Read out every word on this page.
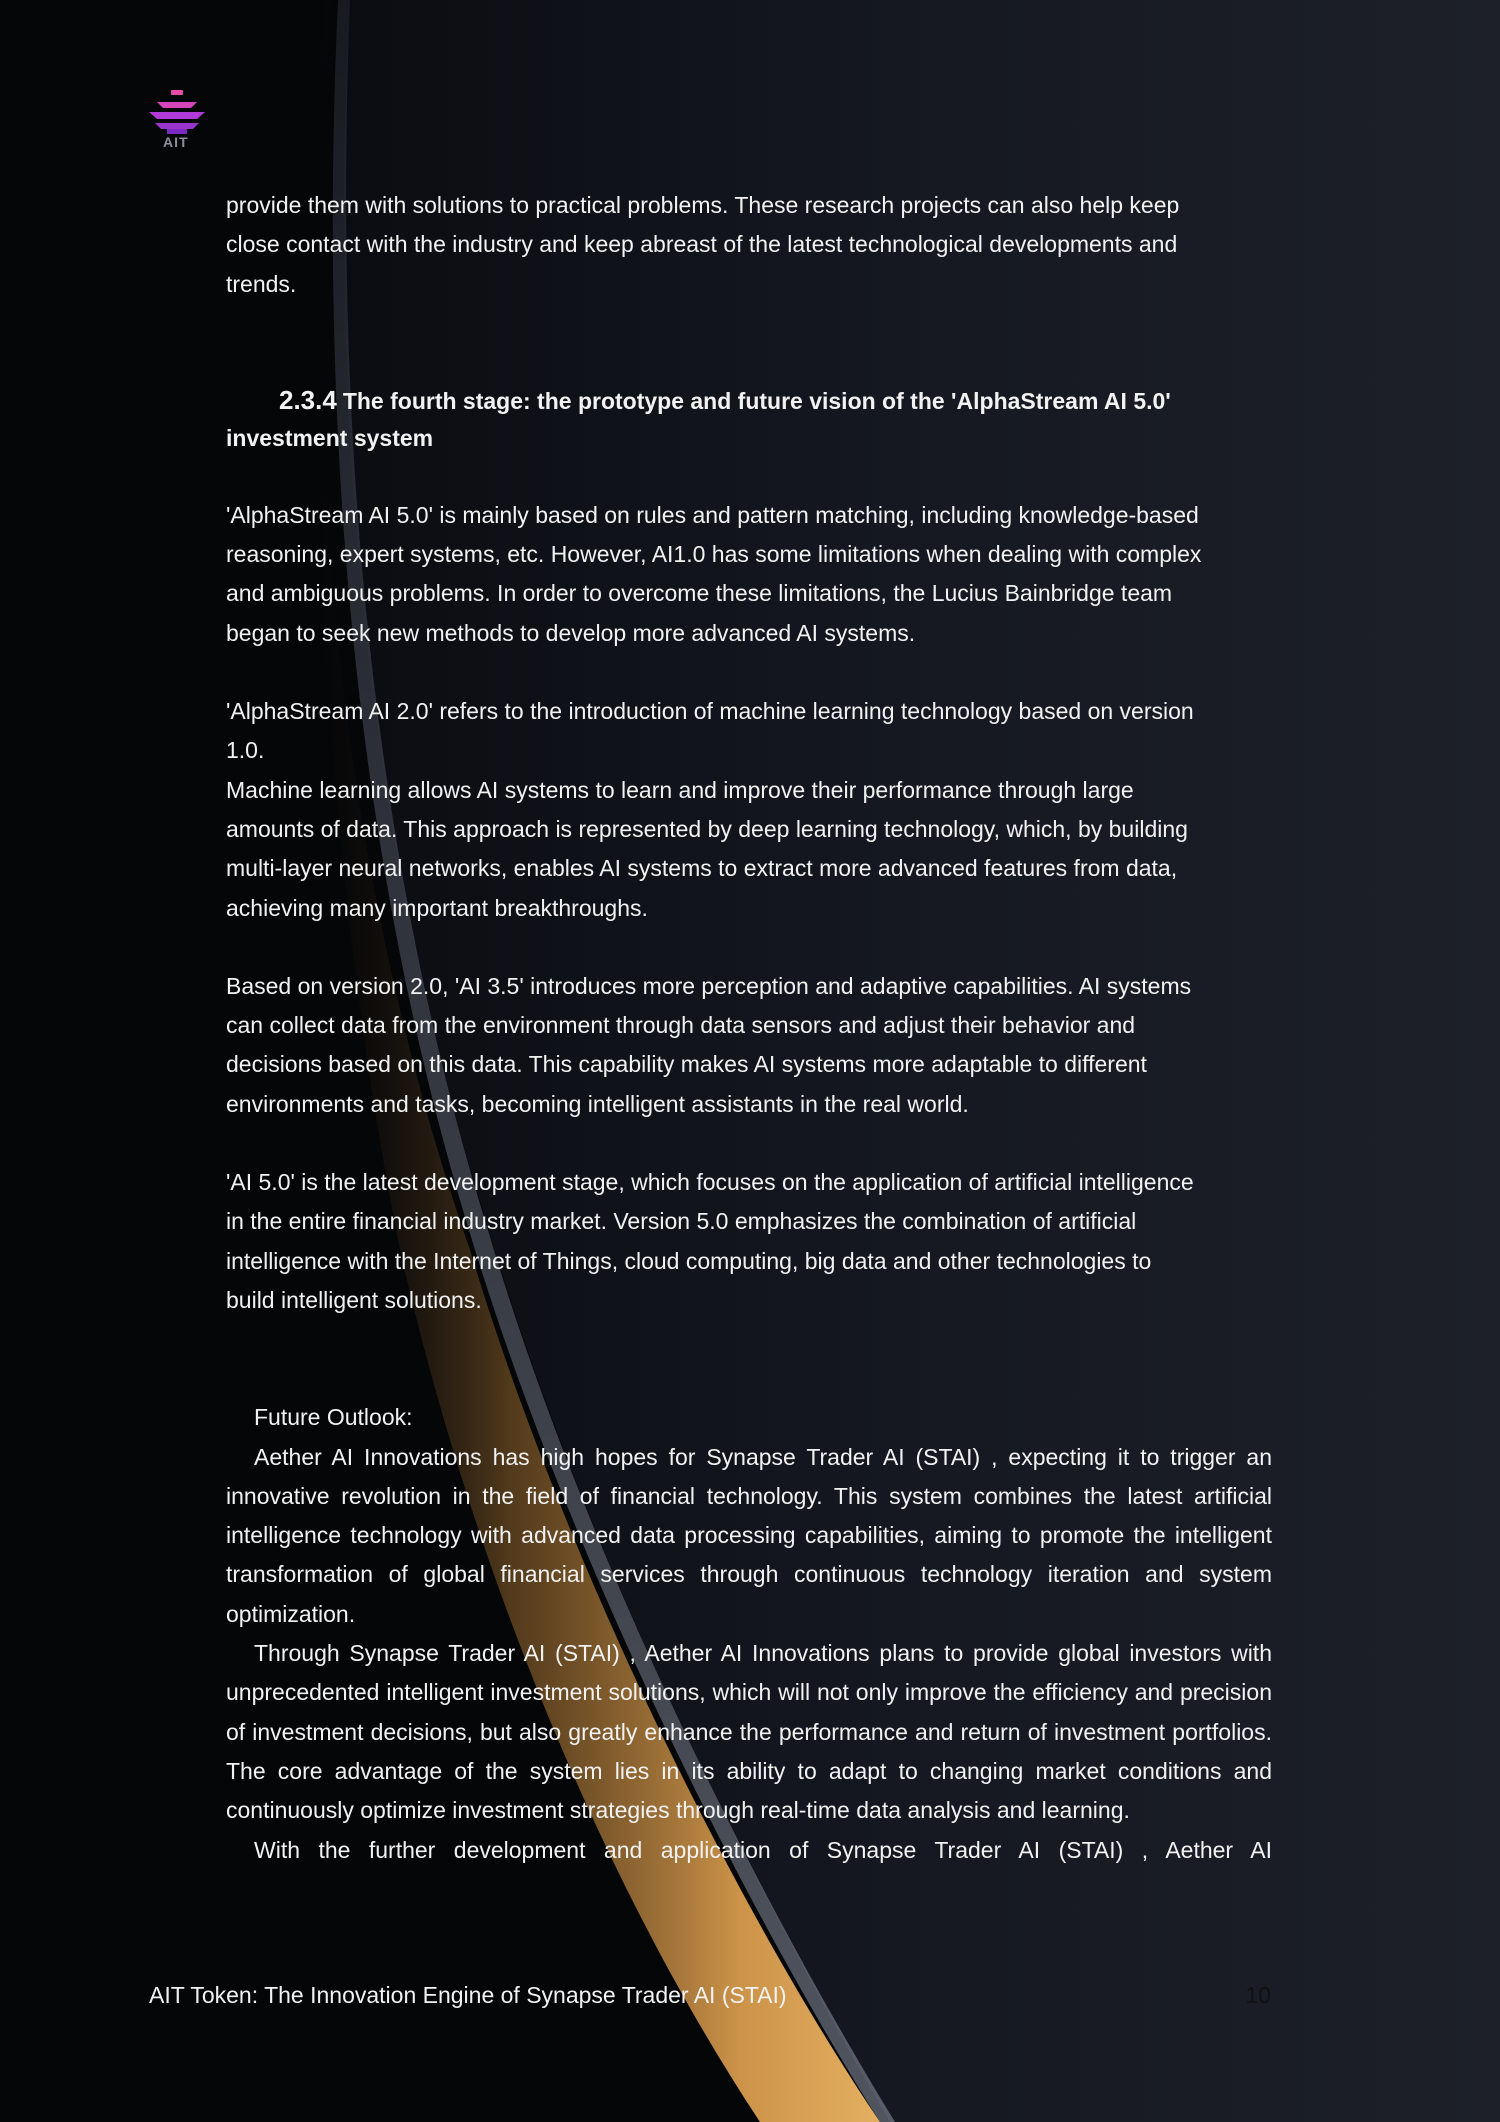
AIT

provide them with solutions to practical problems. These research projects can also help keep

close contact with the industry and keep abreast of the latest technological developments and

trends.

2.3.4 The fourth stage: the prototype and future vision of the 'AlphaStream AI 5.0'

investment system

'AlphaStream AI 5.0' is mainly based on rules and pattern matching, including knowledge-based

reasoning, expert systems, etc. However, AI1.0 has some limitations when dealing with complex

and ambiguous problems. In order to overcome these limitations, the Lucius Bainbridge team

began to seek new methods to develop more advanced AI systems.

'AlphaStream AI 2.0' refers to the introduction of machine learning technology based on version

1.0.

Machine learning allows AI systems to learn and improve their performance through large

amounts of data. This approach is represented by deep learning technology, which, by building

multi-layer neural networks, enables AI systems to extract more advanced features from data,

achieving many important breakthroughs.

Based on version 2.0, 'AI 3.5' introduces more perception and adaptive capabilities. AI systems

can collect data from the environment through data sensors and adjust their behavior and

decisions based on this data. This capability makes AI systems more adaptable to different

environments and tasks, becoming intelligent assistants in the real world.

'AI 5.0' is the latest development stage, which focuses on the application of artificial intelligence

in the entire financial industry market. Version 5.0 emphasizes the combination of artificial

intelligence with the Internet of Things, cloud computing, big data and other technologies to

build intelligent solutions.

Future Outlook:

Aether AI Innovations has high hopes for Synapse Trader AI (STAI) , expecting it to trigger an innovative revolution in the field of financial technology. This system combines the latest artificial intelligence technology with advanced data processing capabilities, aiming to promote the intelligent transformation of global financial services through continuous technology iteration and system optimization.

Through Synapse Trader AI (STAI) , Aether AI Innovations plans to provide global investors with unprecedented intelligent investment solutions, which will not only improve the efficiency and precision of investment decisions, but also greatly enhance the performance and return of investment portfolios. The core advantage of the system lies in its ability to adapt to changing market conditions and continuously optimize investment strategies through real-time data analysis and learning.

With the further development and application of Synapse Trader AI (STAI) , Aether AI

AIT Token: The Innovation Engine of Synapse Trader AI (STAI)	10
